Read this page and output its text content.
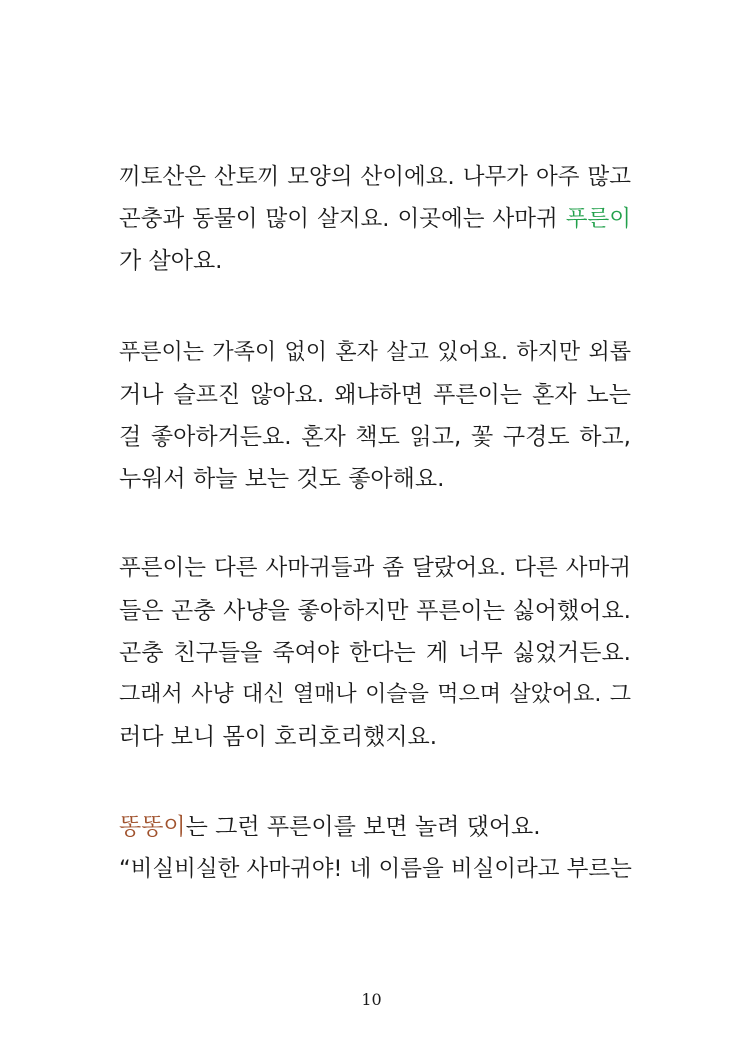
끼토산은 산토끼 모양의 산이에요. 나무가 아주 많고
곤충과 동물이 많이 살지요. 이곳에는 사마귀 푸른이
가 살아요.
푸른이는 가족이 없이 혼자 살고 있어요. 하지만 외롭
거나 슬프진 않아요. 왜냐하면 푸른이는 혼자 노는
걸 좋아하거든요. 혼자 책도 읽고, 꽃 구경도 하고,
누워서 하늘 보는 것도 좋아해요.
푸른이는 다른 사마귀들과 좀 달랐어요. 다른 사마귀
들은 곤충 사냥을 좋아하지만 푸른이는 싫어했어요.
곤충 친구들을 죽여야 한다는 게 너무 싫었거든요.
그래서 사냥 대신 열매나 이슬을 먹으며 살았어요. 그
러다 보니 몸이 호리호리했지요.
똥똥이는 그런 푸른이를 보면 놀려 댔어요.
“비실비실한 사마귀야! 네 이름을 비실이라고 부르는
10
